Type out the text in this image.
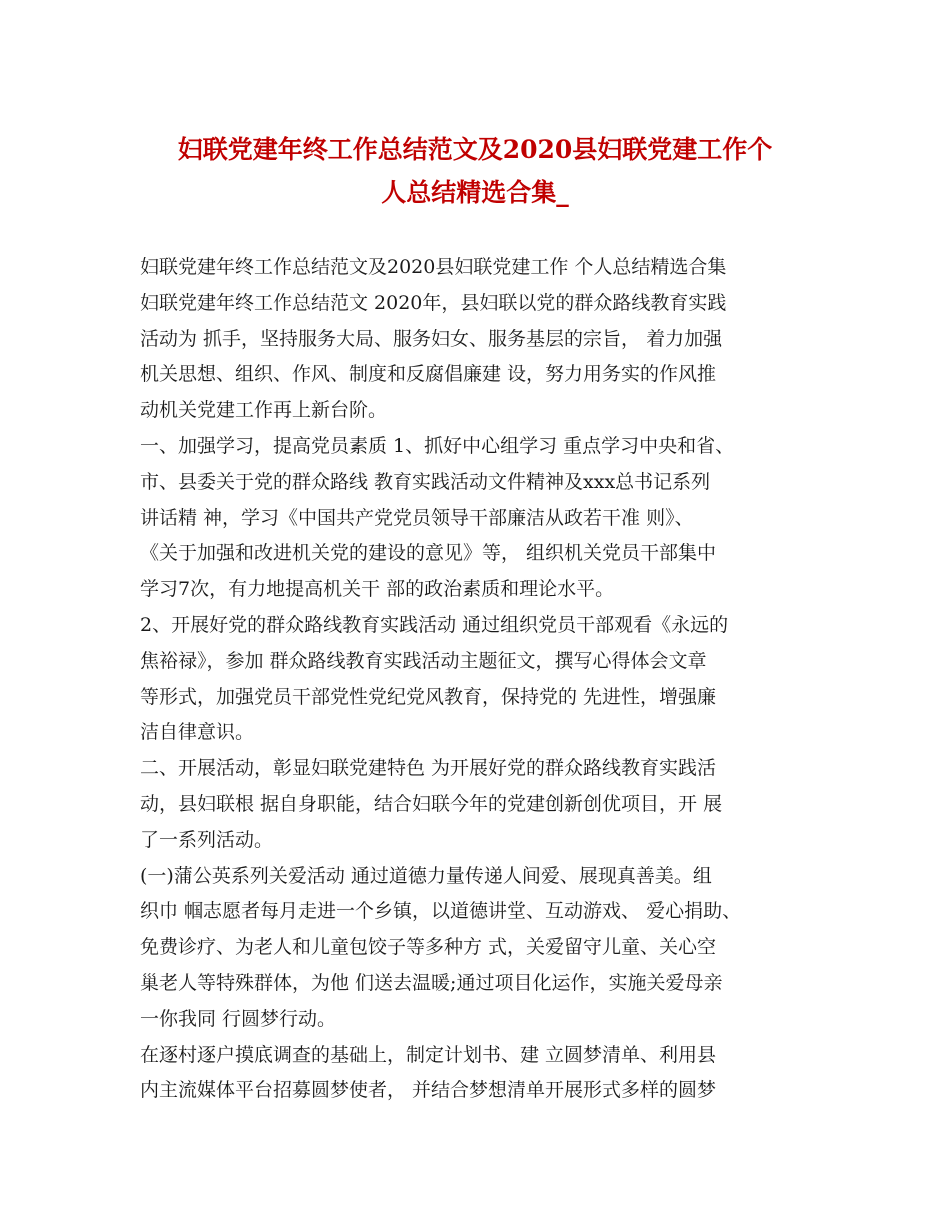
妇联党建年终工作总结范文及2020县妇联党建工作个
人总结精选合集_
妇联党建年终工作总结范文及2020县妇联党建工作 个人总结精选合集
妇联党建年终工作总结范文 2020年，县妇联以党的群众路线教育实践
活动为 抓手，坚持服务大局、服务妇女、服务基层的宗旨， 着力加强
机关思想、组织、作风、制度和反腐倡廉建 设，努力用务实的作风推
动机关党建工作再上新台阶。
一、加强学习，提高党员素质 1、抓好中心组学习 重点学习中央和省、
市、县委关于党的群众路线 教育实践活动文件精神及xxx总书记系列
讲话精 神，学习《中国共产党党员领导干部廉洁从政若干准 则》、
《关于加强和改进机关党的建设的意见》等， 组织机关党员干部集中
学习7次，有力地提高机关干 部的政治素质和理论水平。
2、开展好党的群众路线教育实践活动 通过组织党员干部观看《永远的
焦裕禄》，参加 群众路线教育实践活动主题征文，撰写心得体会文章
等形式，加强党员干部党性党纪党风教育，保持党的 先进性，增强廉
洁自律意识。
二、开展活动，彰显妇联党建特色 为开展好党的群众路线教育实践活
动，县妇联根 据自身职能，结合妇联今年的党建创新创优项目，开 展
了一系列活动。
(一)蒲公英系列关爱活动 通过道德力量传递人间爱、展现真善美。组
织巾 帼志愿者每月走进一个乡镇，以道德讲堂、互动游戏、 爱心捐助、
免费诊疗、为老人和儿童包饺子等多种方 式，关爱留守儿童、关心空
巢老人等特殊群体，为他 们送去温暖;通过项目化运作，实施关爱母亲
一你我同 行圆梦行动。
在逐村逐户摸底调查的基础上，制定计划书、建 立圆梦清单、利用县
内主流媒体平台招募圆梦使者， 并结合梦想清单开展形式多样的圆梦
